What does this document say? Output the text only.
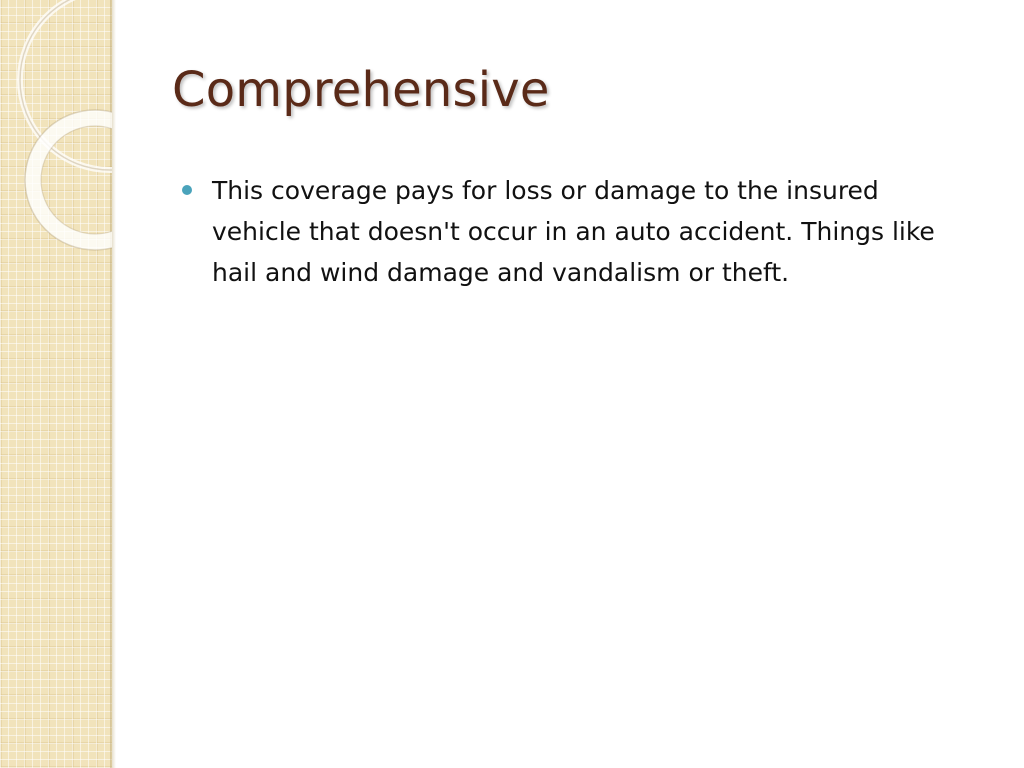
Comprehensive
This coverage pays for loss or damage to the insured vehicle that doesn't occur in an auto accident. Things like hail and wind damage and vandalism or theft.
